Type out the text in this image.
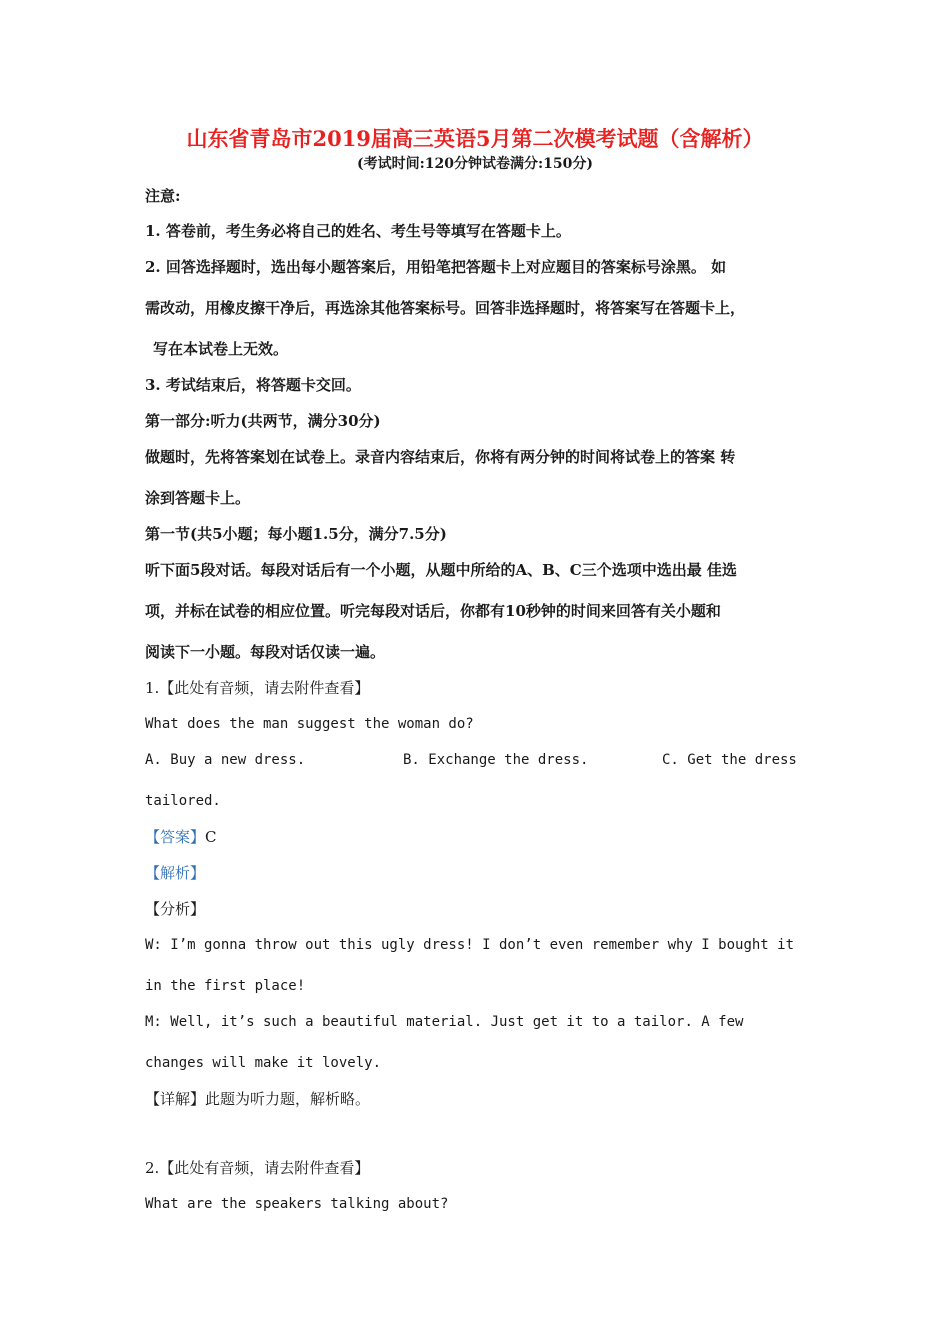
山东省青岛市2019届高三英语5月第二次模考试题（含解析）
(考试时间:120分钟试卷满分:150分)
注意:
1. 答卷前，考生务必将自己的姓名、考生号等填写在答题卡上。
2. 回答选择题时，选出每小题答案后，用铅笔把答题卡上对应题目的答案标号涂黑。 如
需改动，用橡皮擦干净后，再选涂其他答案标号。回答非选择题时，将答案写在答题卡上，
写在本试卷上无效。
3. 考试结束后，将答题卡交回。
第一部分:听力(共两节，满分30分)
做题时，先将答案划在试卷上。录音内容结束后，你将有两分钟的时间将试卷上的答案 转
涂到答题卡上。
第一节(共5小题；每小题1.5分，满分7.5分)
听下面5段对话。每段对话后有一个小题，从题中所给的A、B、C三个选项中选出最 佳选
项，并标在试卷的相应位置。听完每段对话后，你都有10秒钟的时间来回答有关小题和
阅读下一小题。每段对话仅读一遍。
1.【此处有音频，请去附件查看】
What does the man suggest the woman do?
A. Buy a new dress.	B. Exchange the dress.	C. Get the dress
tailored.
【答案】C
【解析】
【分析】
W: I’m gonna throw out this ugly dress! I don’t even remember why I bought it
in the first place!
M: Well, it’s such a beautiful material. Just get it to a tailor. A few
changes will make it lovely.
【详解】此题为听力题，解析略。
2.【此处有音频，请去附件查看】
What are the speakers talking about?
